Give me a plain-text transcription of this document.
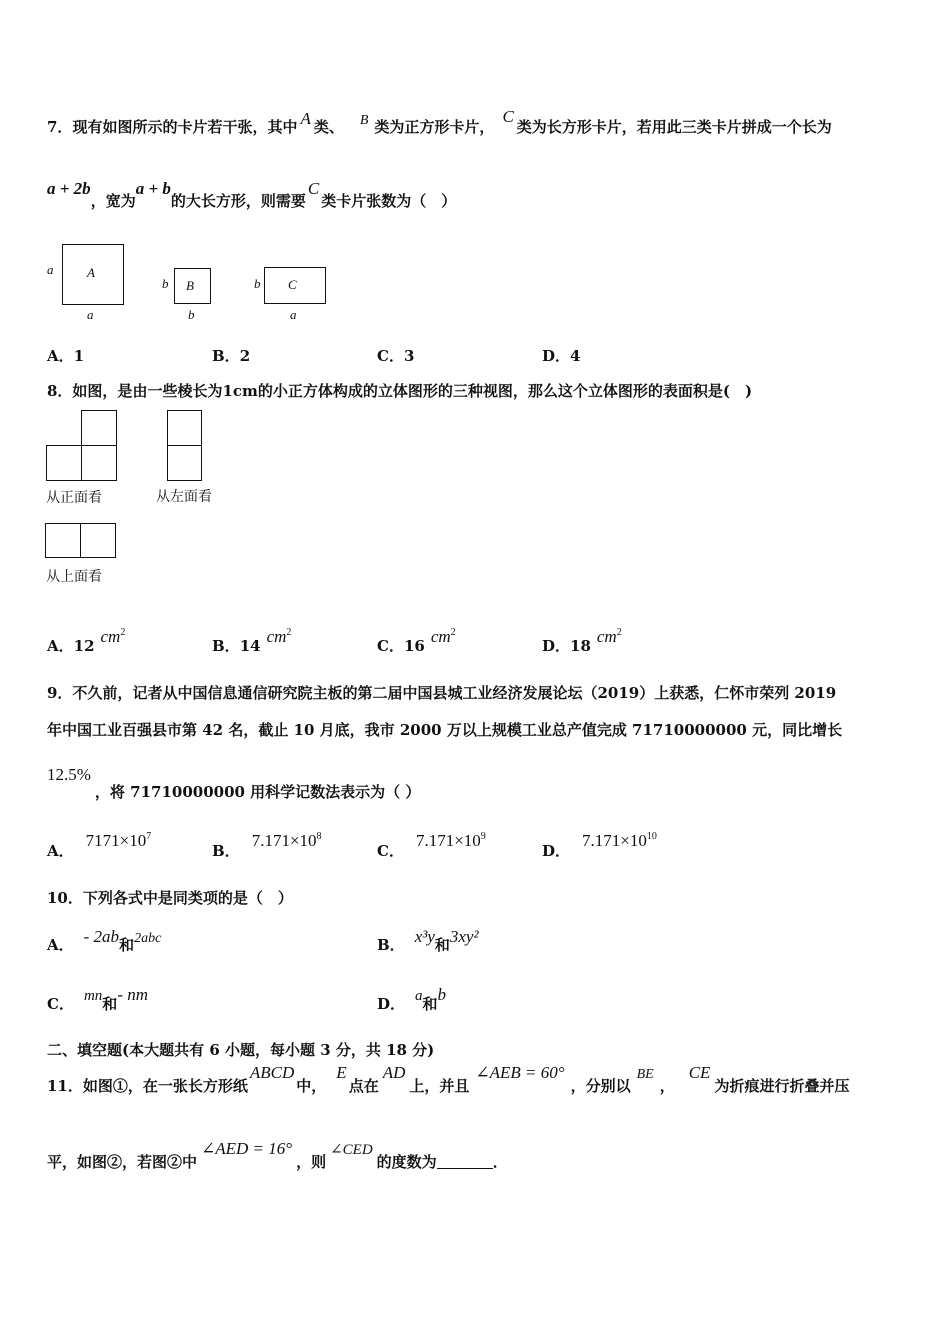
7．现有如图所示的卡片若干张，其中 A 类、 B 类为正方形卡片，C类为长方形卡片，若用此三类卡片拼成一个长为
a + 2b，宽为a + b的大长方形，则需要C类卡片张数为（　）
a	A
a
b B
b
b C
a
A．1	B．2	C．3	D．4
8．如图，是由一些棱长为1cm的小正方体构成的立体图形的三种视图，那么这个立体图形的表面积是(　)
从正面看	从左面看
从上面看
A．12 $cm^2$
B．14 $cm^2$
C．16 $cm^2$
D．18 $cm^2$
9．不久前，记者从中国信息通信研究院主板的第二届中国县城工业经济发展论坛（2019）上获悉，仁怀市荣列 2019
年中国工业百强县市第 42 名，截止 10 月底，我市 2000 万以上规模工业总产值完成 71710000000 元，同比增长
12.5%，将 71710000000 用科学记数法表示为（ ）
A．$7171\times 10^7$
B．$7.171\times 10^8$
C．$7.171\times 10^9$
D．$7.171\times 10^{10}$
10．下列各式中是同类项的是（　）
A． - 2ab和2abc	B． x³y和3xy²
C． mn和- nm	D． a和b
二、填空题(本大题共有 6 小题，每小题 3 分，共 18 分)
11．如图①，在一张长方形纸ABCD中，E点在AD上，并且∠AEB = 60°，分别以BE，CE为折痕进行折叠并压
平，如图②，若图②中∠AED = 16°，则∠CED的度数为	．
